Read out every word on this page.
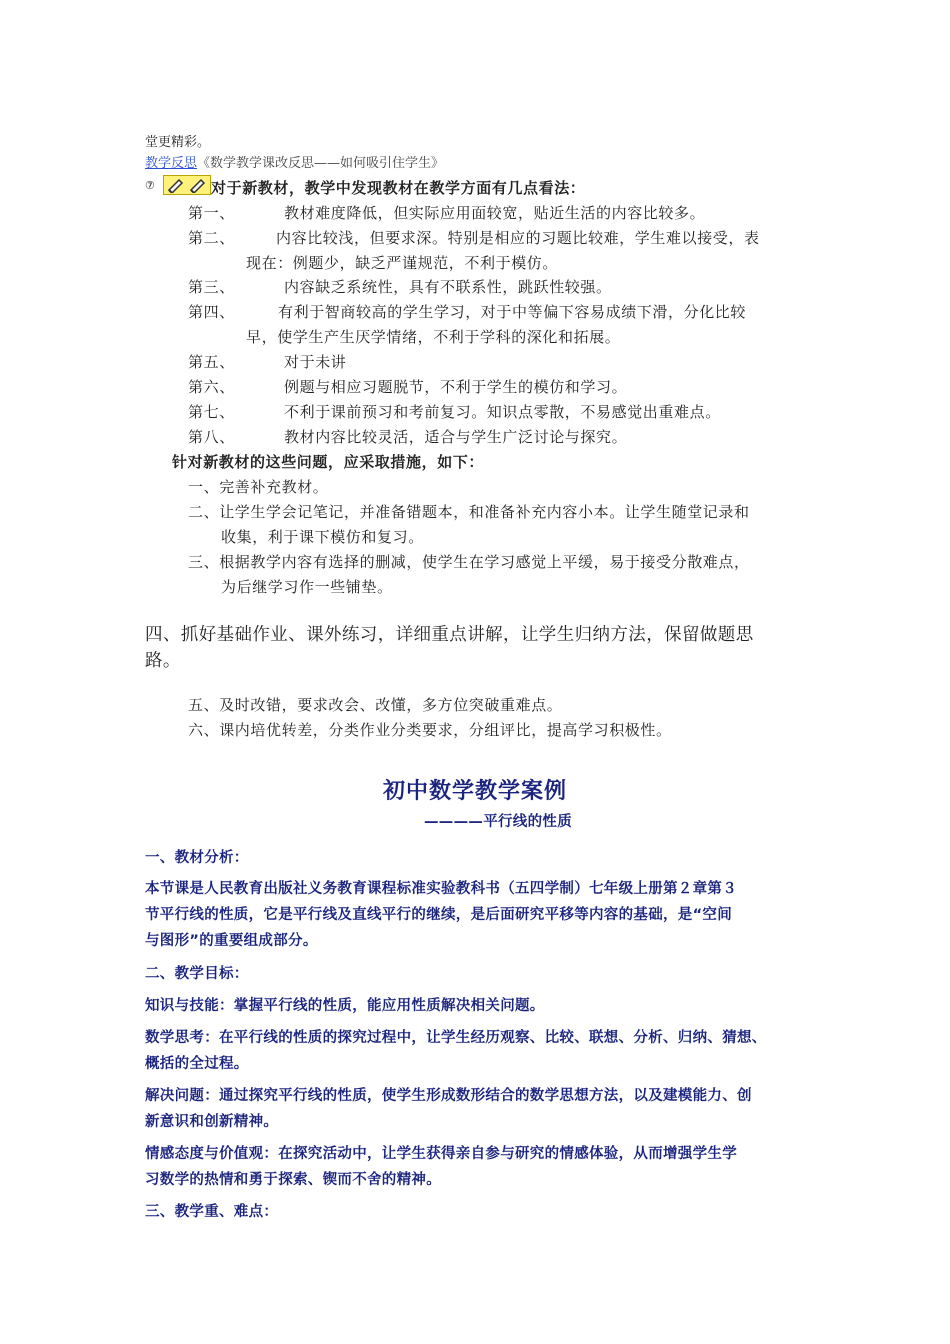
堂更精彩。
教学反思《数学教学课改反思——如何吸引住学生》
⑦	对于新教材，教学中发现教材在教学方面有几点看法：
第一、	教材难度降低，但实际应用面较宽，贴近生活的内容比较多。
第二、	内容比较浅，但要求深。特别是相应的习题比较难，学生难以接受，表
现在：例题少，缺乏严谨规范，不利于模仿。
第三、	内容缺乏系统性，具有不联系性，跳跃性较强。
第四、	有利于智商较高的学生学习，对于中等偏下容易成绩下滑，分化比较
早，使学生产生厌学情绪，不利于学科的深化和拓展。
第五、	对于未讲
第六、	例题与相应习题脱节，不利于学生的模仿和学习。
第七、	不利于课前预习和考前复习。知识点零散，不易感觉出重难点。
第八、	教材内容比较灵活，适合与学生广泛讨论与探究。
针对新教材的这些问题，应采取措施，如下：
一、完善补充教材。
二、让学生学会记笔记，并准备错题本，和准备补充内容小本。让学生随堂记录和
收集，利于课下模仿和复习。
三、根据教学内容有选择的删减，使学生在学习感觉上平缓，易于接受分散难点，
为后继学习作一些铺垫。
四、抓好基础作业、课外练习，详细重点讲解，让学生归纳方法，保留做题思
路。
五、及时改错，要求改会、改懂，多方位突破重难点。
六、课内培优转差，分类作业分类要求，分组评比，提高学习积极性。
初中数学教学案例
————平行线的性质
一、教材分析：
本节课是人民教育出版社义务教育课程标准实验教科书（五四学制）七年级上册第２章第３
节平行线的性质，它是平行线及直线平行的继续，是后面研究平移等内容的基础，是“空间
与图形”的重要组成部分。
二、教学目标：
知识与技能：掌握平行线的性质，能应用性质解决相关问题。
数学思考：在平行线的性质的探究过程中，让学生经历观察、比较、联想、分析、归纳、猜想、
概括的全过程。
解决问题：通过探究平行线的性质，使学生形成数形结合的数学思想方法，以及建模能力、创
新意识和创新精神。
情感态度与价值观：在探究活动中，让学生获得亲自参与研究的情感体验，从而增强学生学
习数学的热情和勇于探索、锲而不舍的精神。
三、教学重、难点：
